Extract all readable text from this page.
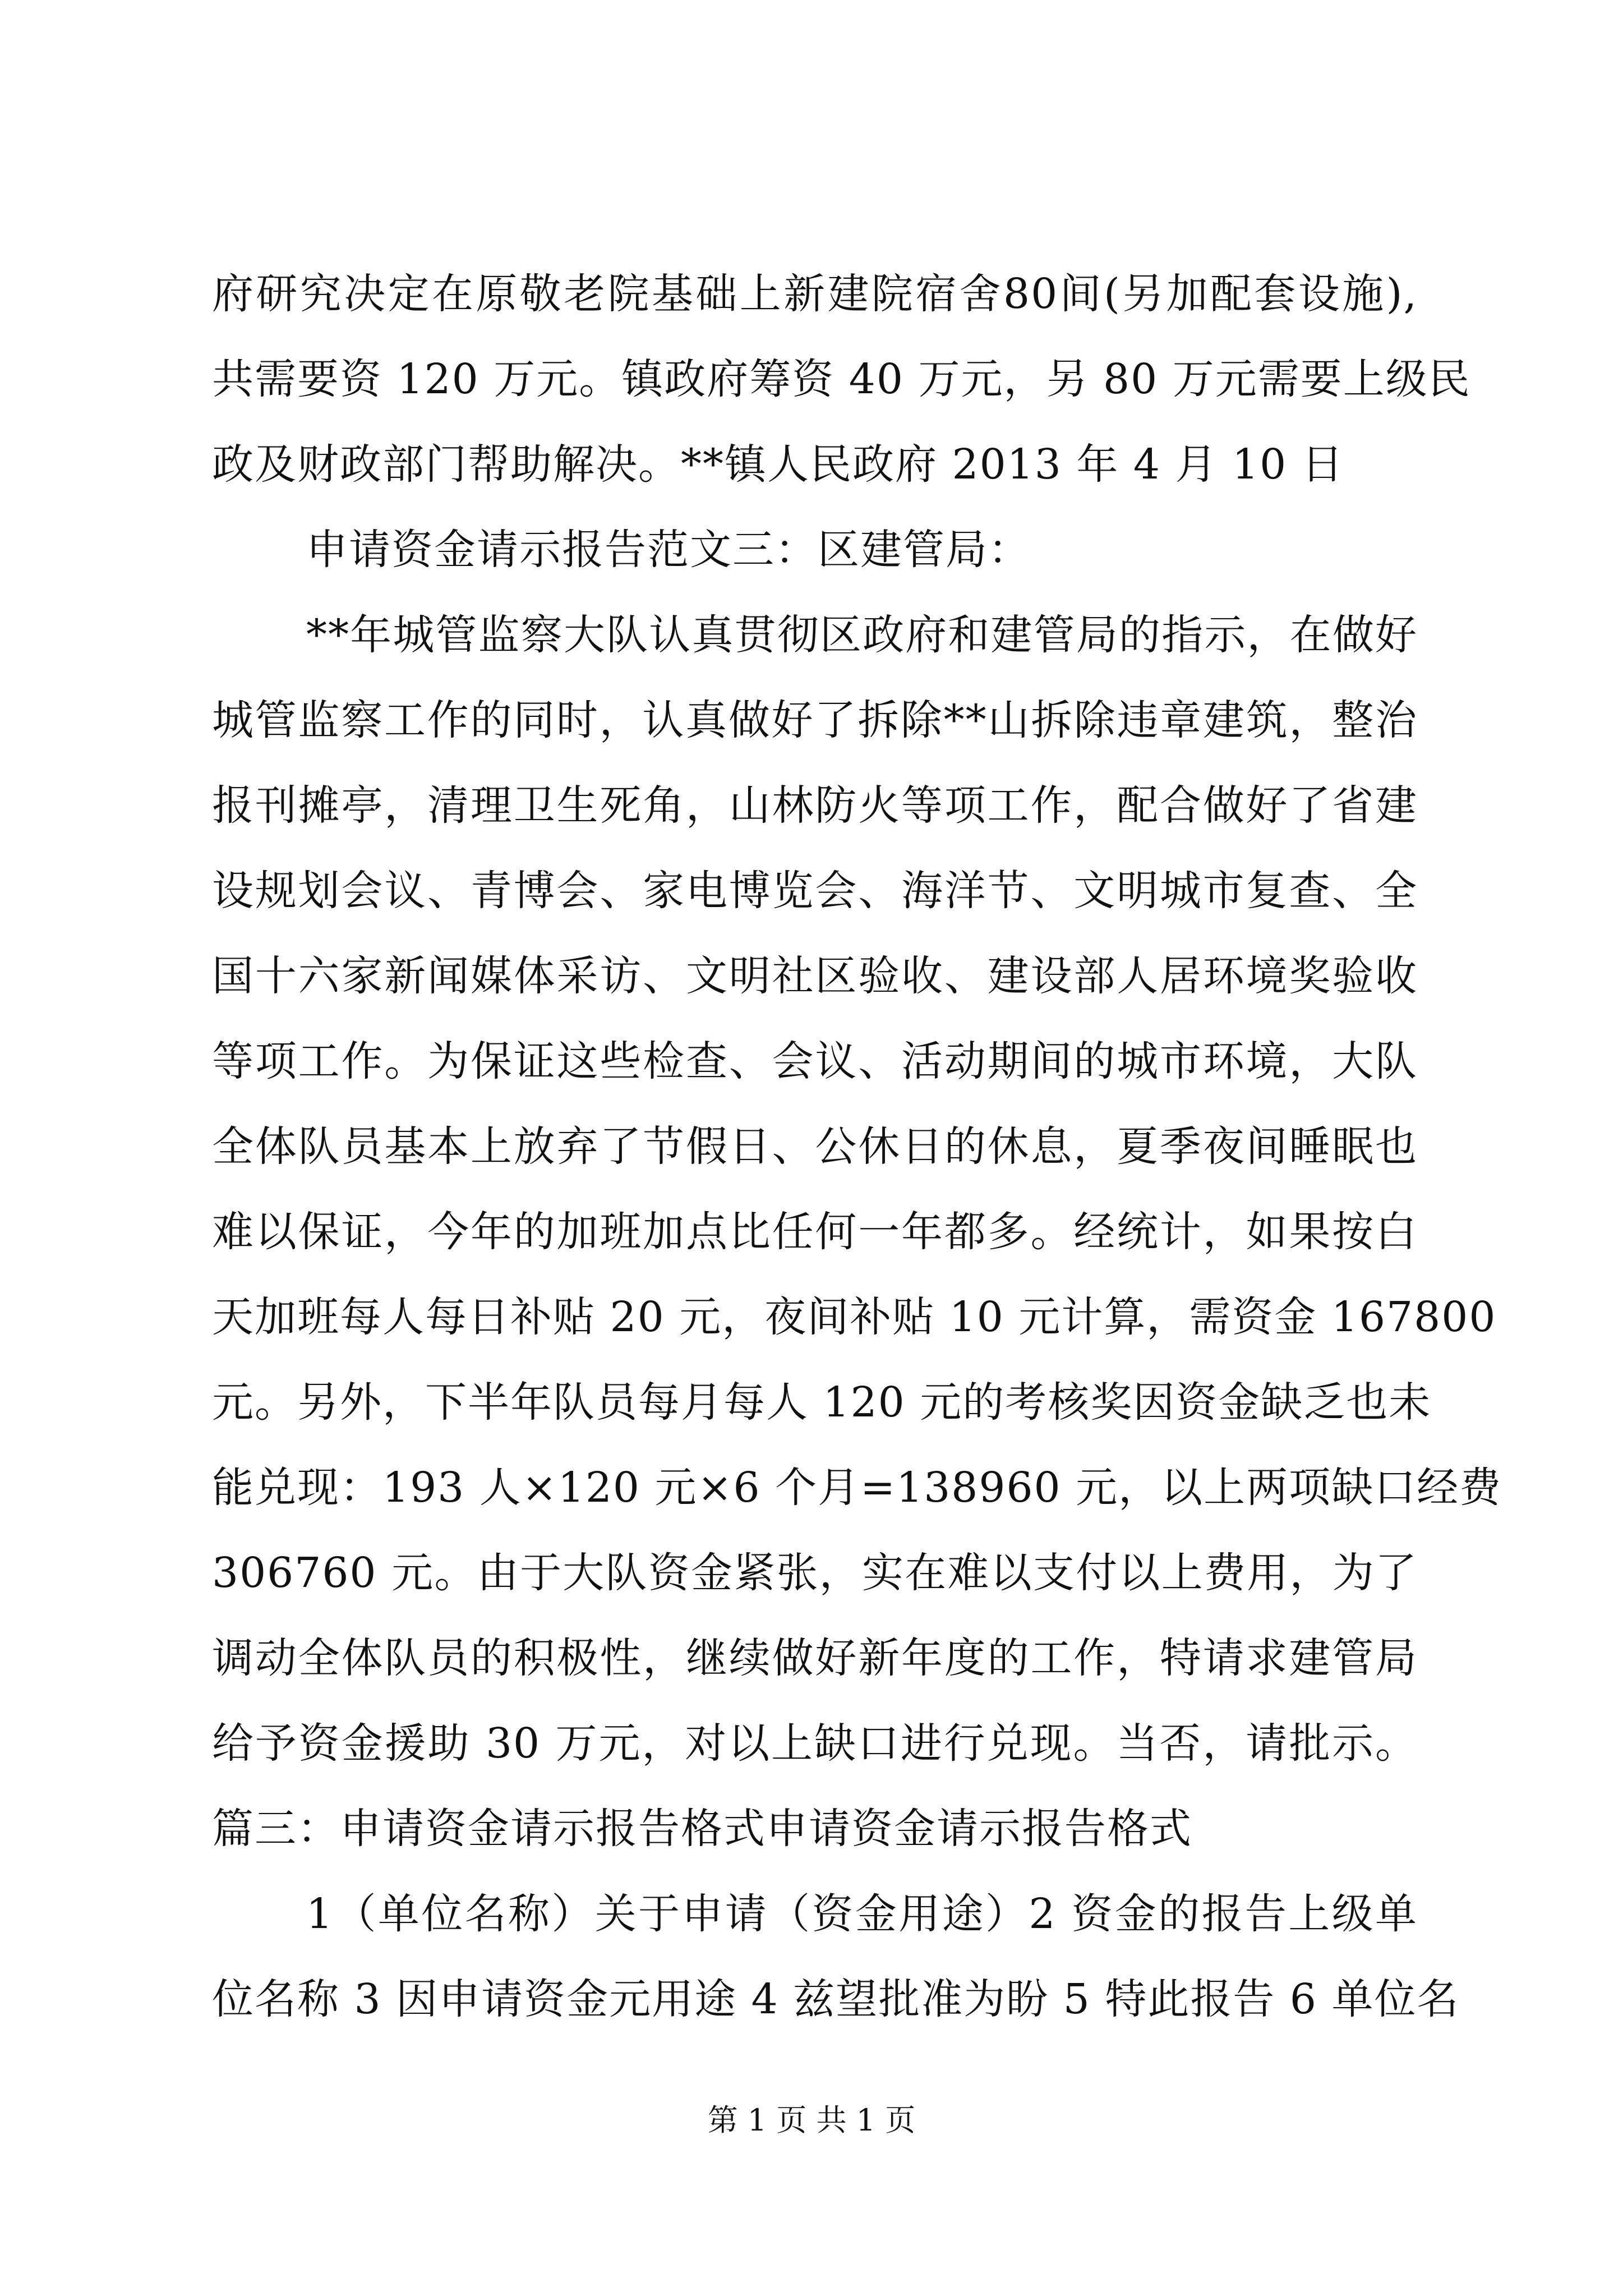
府研究决定在原敬老院基础上新建院宿舍80间(另加配套设施),
共需要资 120 万元。镇政府筹资 40 万元，另 80 万元需要上级民
政及财政部门帮助解决。**镇人民政府 2013 年 4 月 10 日
申请资金请示报告范文三：区建管局：
**年城管监察大队认真贯彻区政府和建管局的指示，在做好
城管监察工作的同时，认真做好了拆除**山拆除违章建筑，整治
报刊摊亭，清理卫生死角，山林防火等项工作，配合做好了省建
设规划会议、青博会、家电博览会、海洋节、文明城市复查、全
国十六家新闻媒体采访、文明社区验收、建设部人居环境奖验收
等项工作。为保证这些检查、会议、活动期间的城市环境，大队
全体队员基本上放弃了节假日、公休日的休息，夏季夜间睡眠也
难以保证，今年的加班加点比任何一年都多。经统计，如果按白
天加班每人每日补贴 20 元，夜间补贴 10 元计算，需资金 167800
元。另外，下半年队员每月每人 120 元的考核奖因资金缺乏也未
能兑现：193 人×120 元×6 个月=138960 元，以上两项缺口经费
306760 元。由于大队资金紧张，实在难以支付以上费用，为了
调动全体队员的积极性，继续做好新年度的工作，特请求建管局
给予资金援助 30 万元，对以上缺口进行兑现。当否，请批示。
篇三：申请资金请示报告格式申请资金请示报告格式
1（单位名称）关于申请（资金用途）2 资金的报告上级单
位名称 3 因申请资金元用途 4 兹望批准为盼 5 特此报告 6 单位名
第 1 页 共 1 页
